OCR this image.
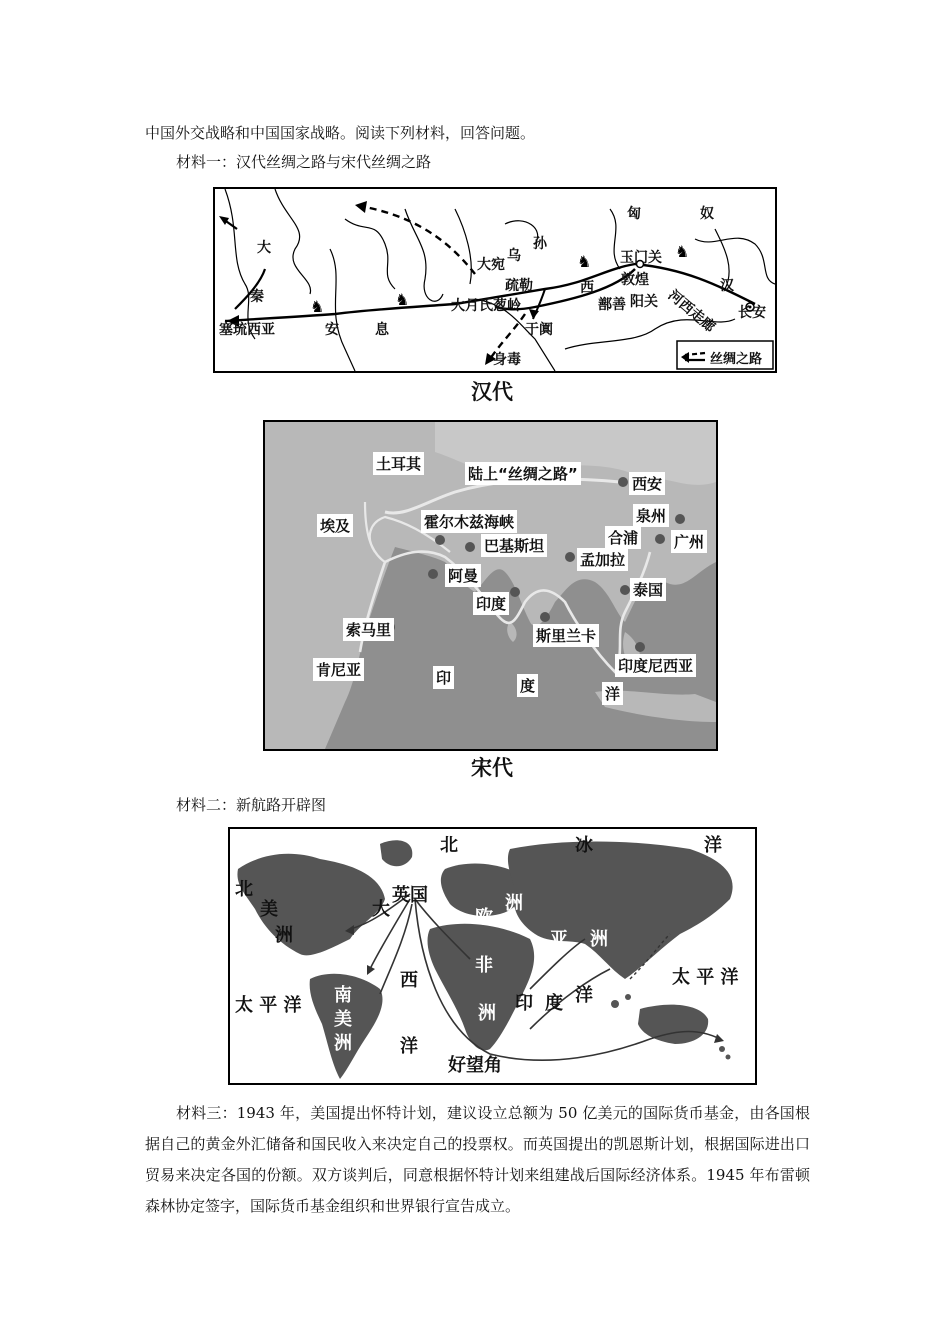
中国外交战略和中国国家战略。阅读下列材料，回答问题。
材料一：汉代丝绸之路与宋代丝绸之路
♞
♞
♞
♞
匈	奴
大
秦
塞琉西亚	安	息
大宛
乌
孙
疏勒
大月氏葱岭
于阗
西
鄯善 阳关
玉门关
敦煌
河西走廊
汉
长安
身毒	丝绸之路
汉代
土耳其
陆上“丝绸之路”
西安
泉州
埃及	霍尔木兹海峡
合浦 广州
巴基斯坦
孟加拉
阿曼
泰国
印度
索马里	斯里兰卡
印度尼西亚
肯尼亚	印	度	洋
宋代
材料二：新航路开辟图
北	冰	洋
北
美
洲
大
英国
欧
洲
亚 洲
非
洲
西
洋
太 平 洋
太 平 洋
南
美
洲
印 度 洋
好望角
材料三：1943 年，美国提出怀特计划，建议设立总额为 50 亿美元的国际货币基金，由各国根据自己的黄金外汇储备和国民收入来决定自己的投票权。而英国提出的凯恩斯计划，根据国际进出口贸易来决定各国的份额。双方谈判后，同意根据怀特计划来组建战后国际经济体系。1945 年布雷顿森林协定签字，国际货币基金组织和世界银行宣告成立。
